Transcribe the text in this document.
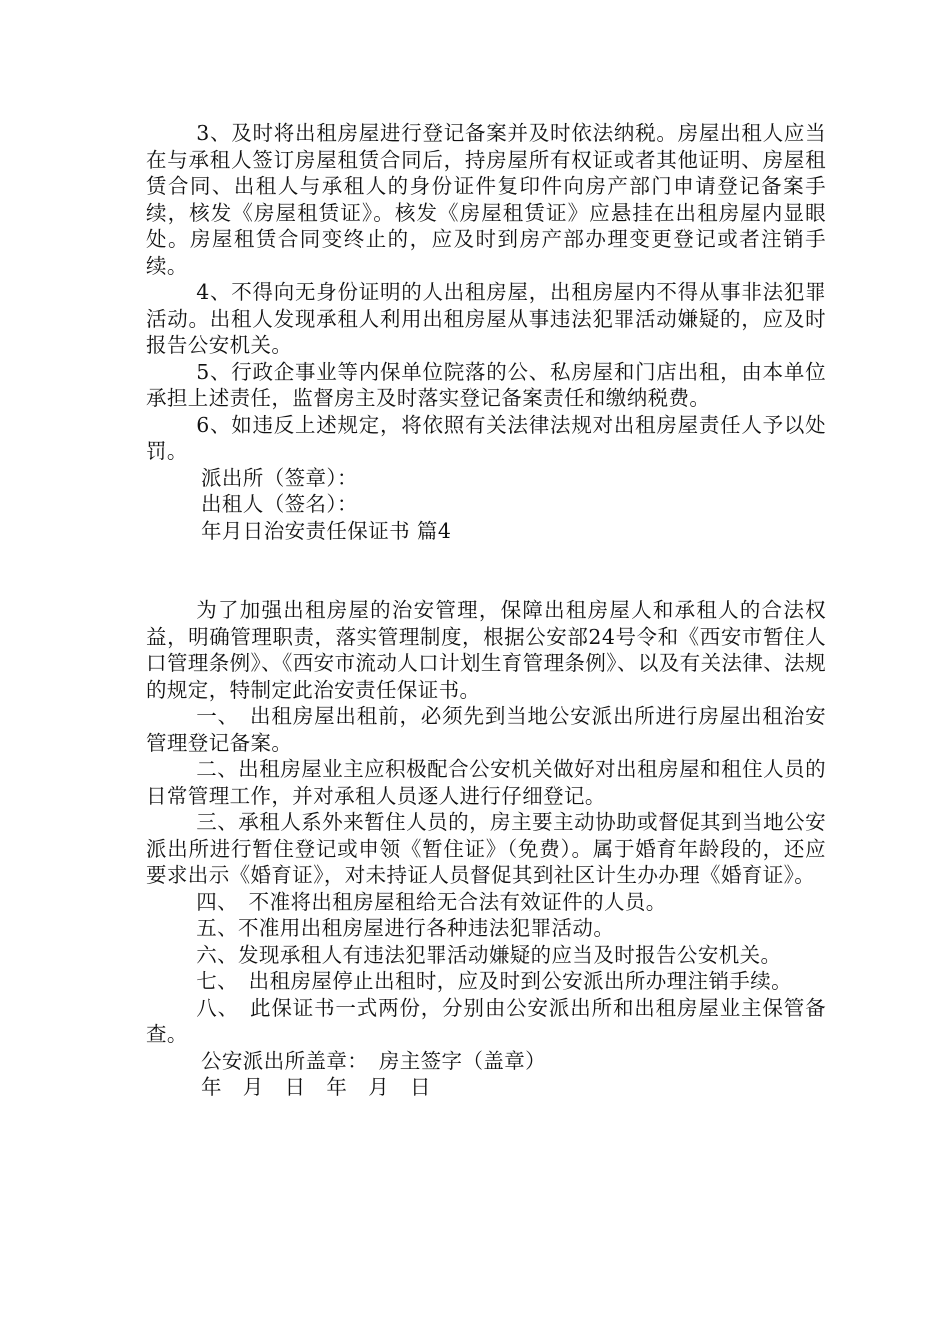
3、及时将出租房屋进行登记备案并及时依法纳税。房屋出租人应当在与承租人签订房屋租赁合同后，持房屋所有权证或者其他证明、房屋租赁合同、出租人与承租人的身份证件复印件向房产部门申请登记备案手续，核发《房屋租赁证》。核发《房屋租赁证》应悬挂在出租房屋内显眼处。房屋租赁合同变终止的，应及时到房产部办理变更登记或者注销手续。

4、不得向无身份证明的人出租房屋，出租房屋内不得从事非法犯罪活动。出租人发现承租人利用出租房屋从事违法犯罪活动嫌疑的，应及时报告公安机关。

5、行政企事业等内保单位院落的公、私房屋和门店出租，由本单位承担上述责任，监督房主及时落实登记备案责任和缴纳税费。

6、如违反上述规定，将依照有关法律法规对出租房屋责任人予以处罚。

派出所（签章）：

出租人（签名）：

年月日治安责任保证书 篇4

为了加强出租房屋的治安管理，保障出租房屋人和承租人的合法权益，明确管理职责，落实管理制度，根据公安部24号令和《西安市暂住人口管理条例》、《西安市流动人口计划生育管理条例》、以及有关法律、法规的规定，特制定此治安责任保证书。

一、　出租房屋出租前，必须先到当地公安派出所进行房屋出租治安管理登记备案。

二、出租房屋业主应积极配合公安机关做好对出租房屋和租住人员的日常管理工作，并对承租人员逐人进行仔细登记。

三、承租人系外来暂住人员的，房主要主动协助或督促其到当地公安派出所进行暂住登记或申领《暂住证》（免费）。属于婚育年龄段的，还应要求出示《婚育证》，对未持证人员督促其到社区计生办办理《婚育证》。

四、　不准将出租房屋租给无合法有效证件的人员。

五、不准用出租房屋进行各种违法犯罪活动。

六、发现承租人有违法犯罪活动嫌疑的应当及时报告公安机关。

七、　出租房屋停止出租时，应及时到公安派出所办理注销手续。

八、　此保证书一式两份，分别由公安派出所和出租房屋业主保管备查。

公安派出所盖章：　房主签字（盖章）

年　月　日　年　月　日
